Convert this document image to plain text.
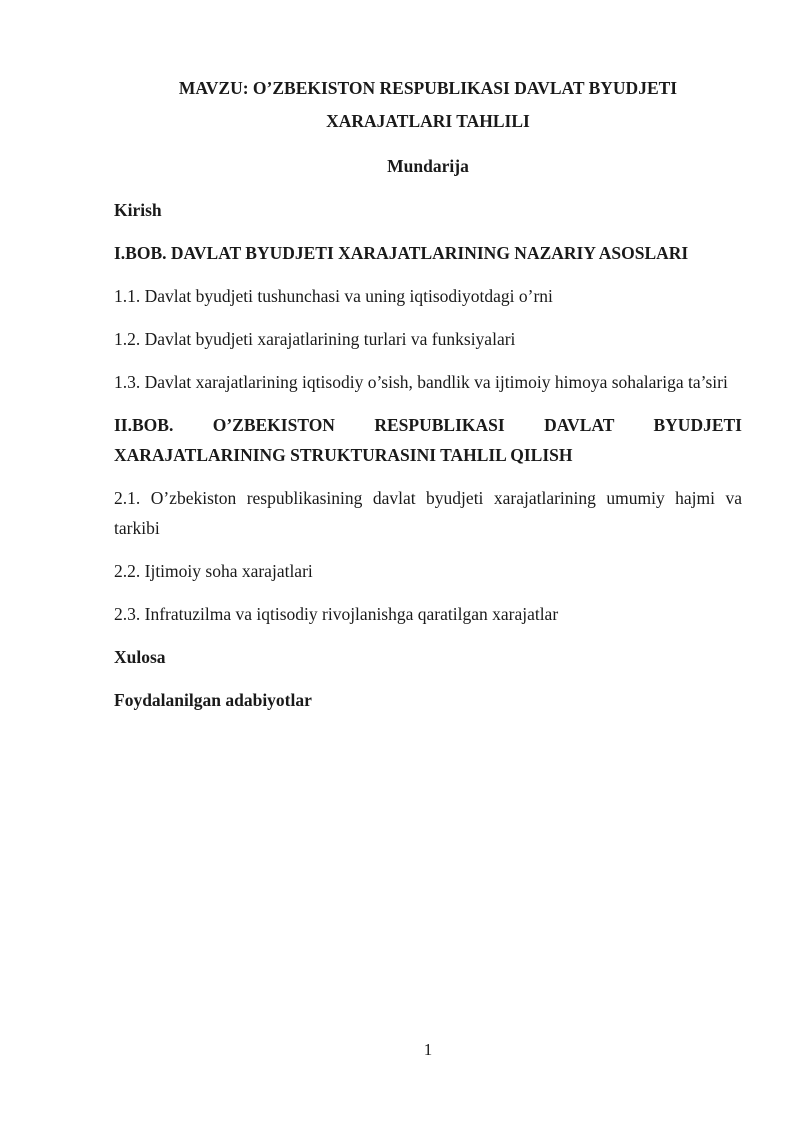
MAVZU: O’ZBEKISTON RESPUBLIKASI DAVLAT BYUDJETI XARAJATLARI TAHLILI
Mundarija

Kirish

I.BOB. DAVLAT BYUDJETI XARAJATLARINING NAZARIY ASOSLARI

1.1. Davlat byudjeti tushunchasi va uning iqtisodiyotdagi o’rni

1.2. Davlat byudjeti xarajatlarining turlari va funksiyalari

1.3. Davlat xarajatlarining iqtisodiy o’sish, bandlik va ijtimoiy himoya sohalariga ta’siri

II.BOB. O’ZBEKISTON RESPUBLIKASI DAVLAT BYUDJETI
XARAJATLARINING STRUKTURASINI TAHLIL QILISH

2.1. O’zbekiston respublikasining davlat byudjeti xarajatlarining umumiy hajmi va tarkibi

2.2. Ijtimoiy soha xarajatlari

2.3. Infratuzilma va iqtisodiy rivojlanishga qaratilgan xarajatlar

Xulosa

Foydalanilgan adabiyotlar

1
